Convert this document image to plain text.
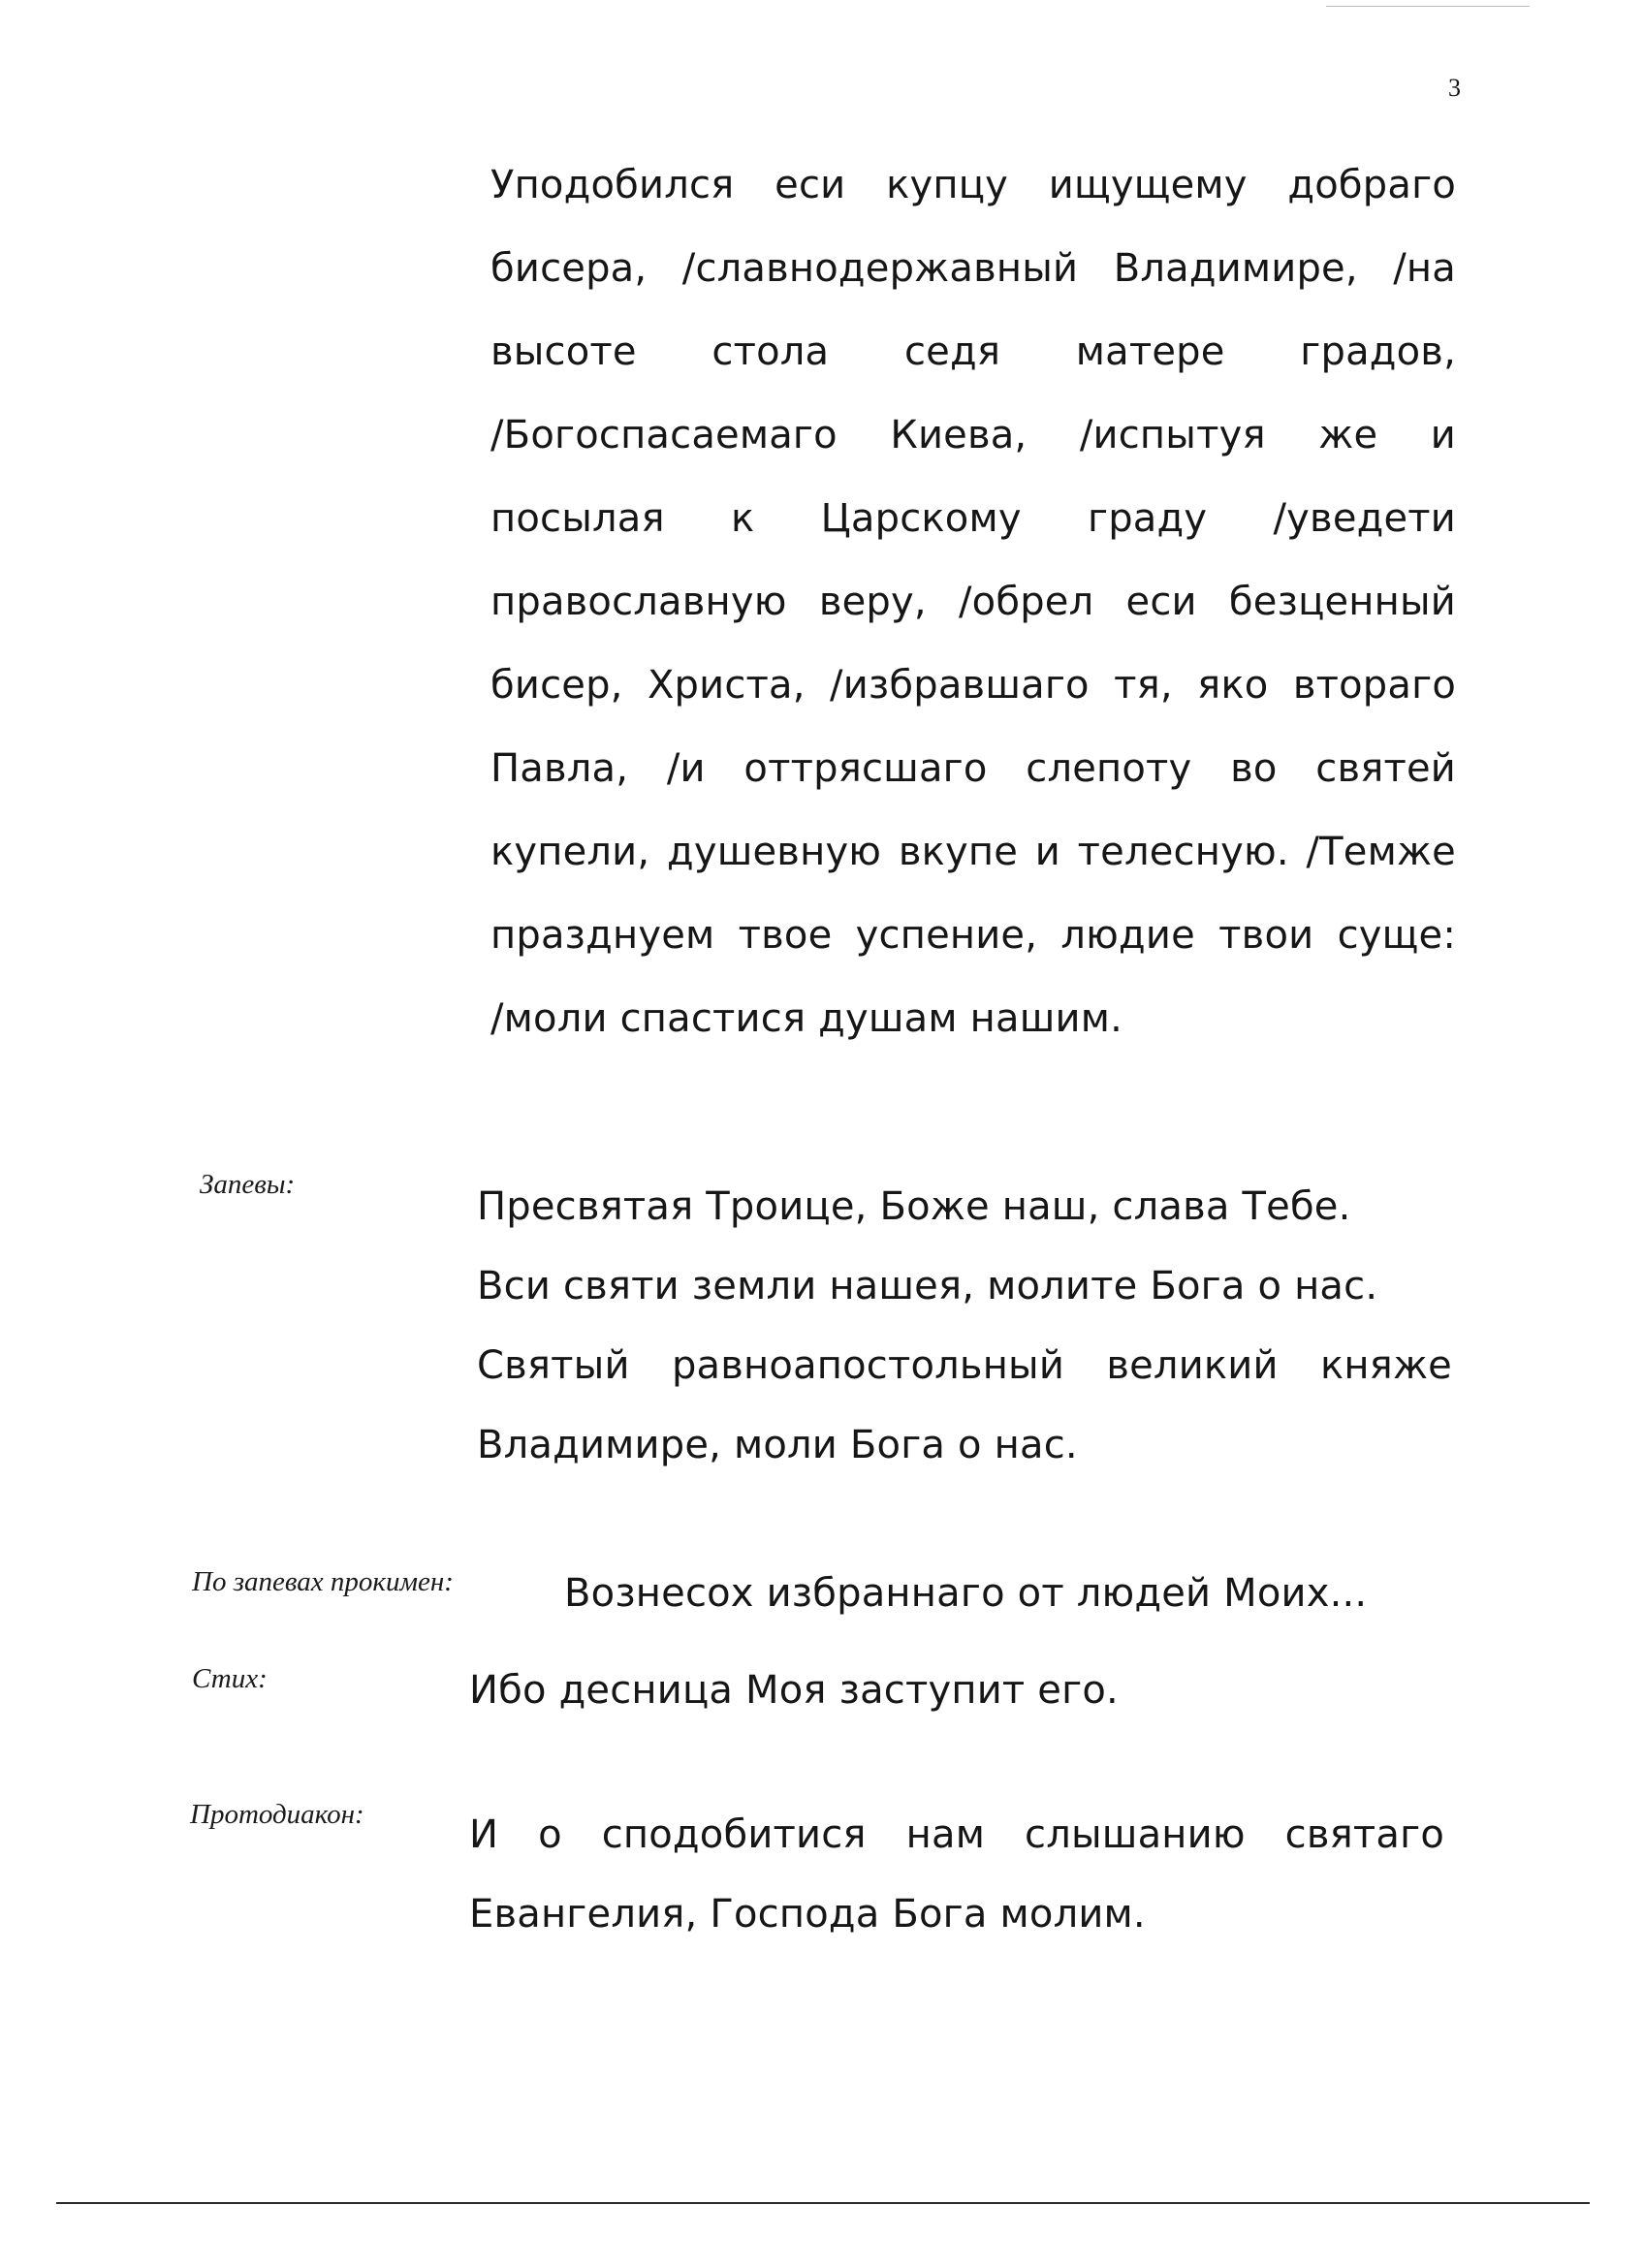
3
Уподобился еси купцу ищущему добраго
бисера, /славнодержавный Владимире, /на
высоте стола седя матере градов,
/Богоспасаемаго Киева, /испытуя же и
посылая к Царскому граду /уведети
православную веру, /обрел еси безценный
бисер, Христа, /избравшаго тя, яко втораго
Павла, /и оттрясшаго слепоту во святей
купели, душевную вкупе и телесную. /Темже
празднуем твое успение, людие твои суще:
/моли спастися душам нашим.
Запевы:	Пресвятая Троице, Боже наш, слава Тебе.
Вси святи земли нашея, молите Бога о нас.
Святый равноапостольный великий княже
Владимире, моли Бога о нас.
По запевах прокимен:	Вознесох избраннаго от людей Моих...
Стих:	Ибо десница Моя заступит его.
Протодиакон:	И о сподобитися нам слышанию святаго
Евангелия, Господа Бога молим.
